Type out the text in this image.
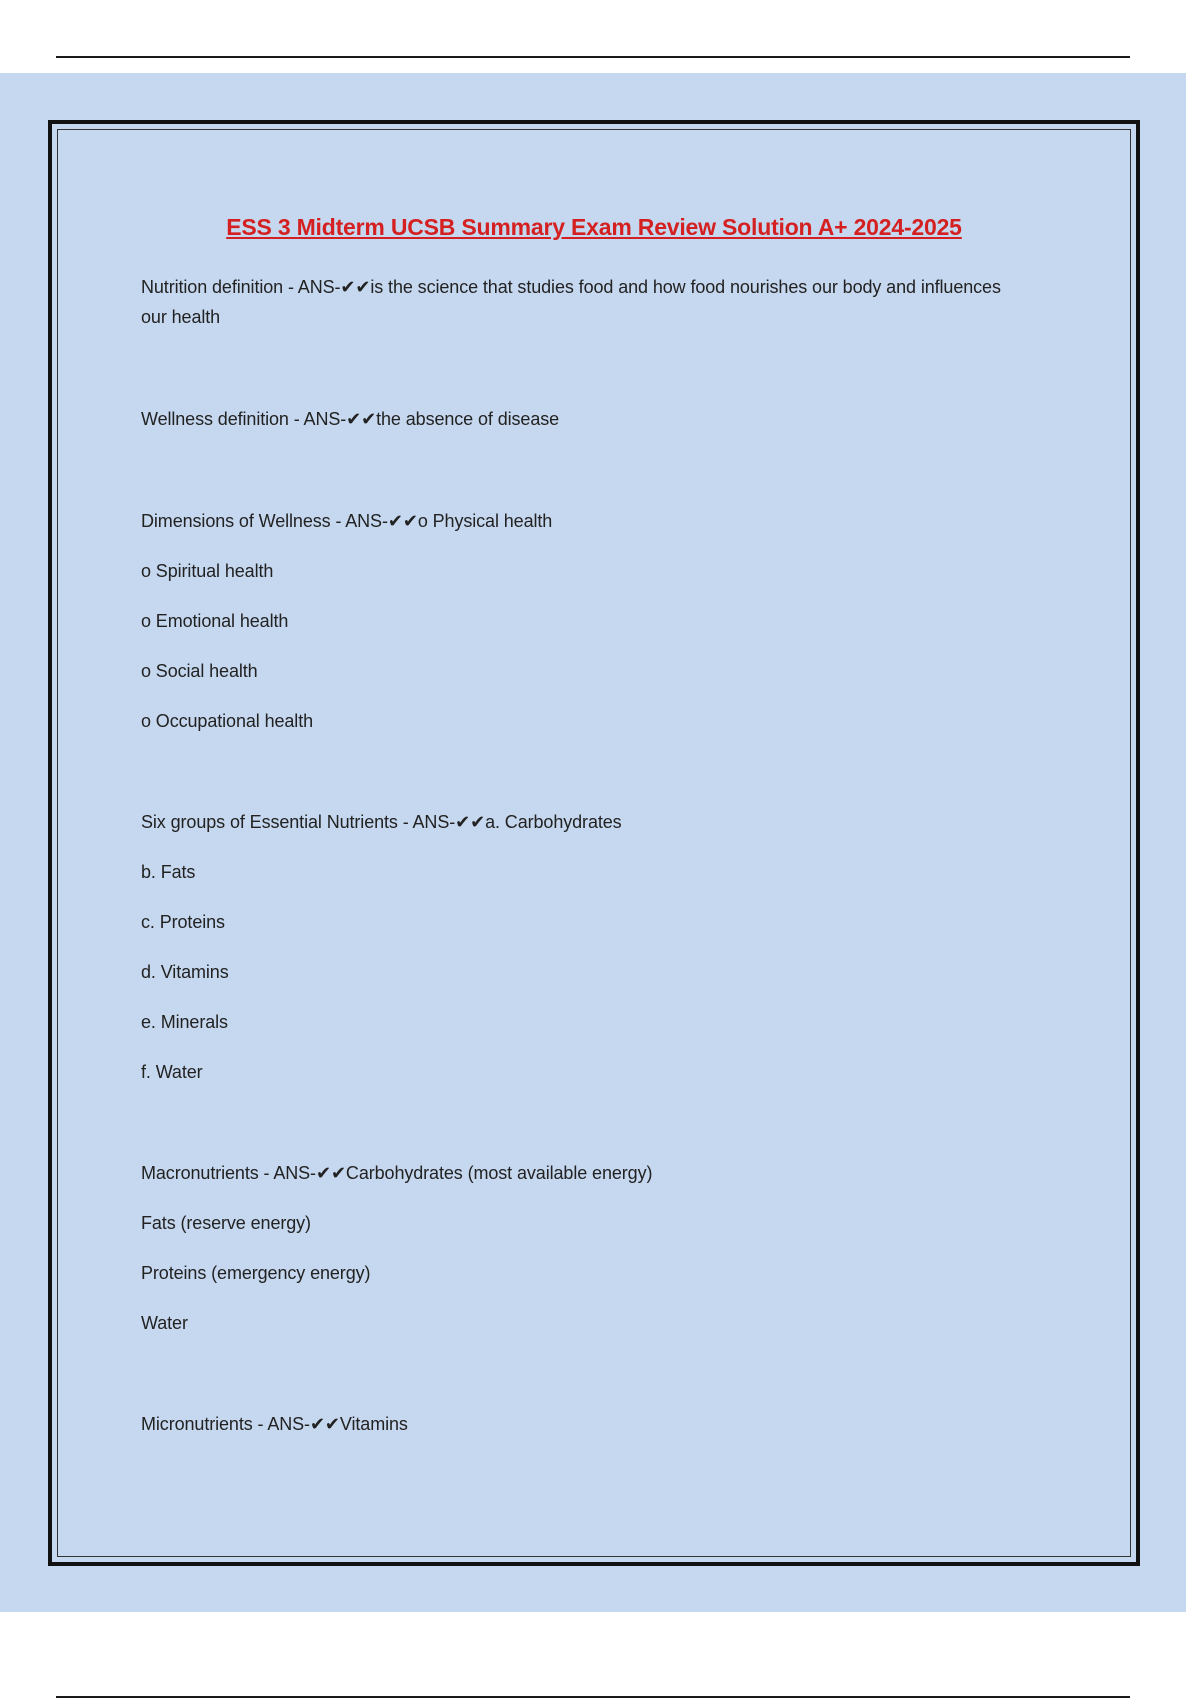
ESS 3 Midterm UCSB Summary Exam Review Solution A+ 2024-2025
Nutrition definition - ANS-✔✔is the science that studies food and how food nourishes our body and influences our health
Wellness definition - ANS-✔✔the absence of disease
Dimensions of Wellness - ANS-✔✔o Physical health
o Spiritual health
o Emotional health
o Social health
o Occupational health
Six groups of Essential Nutrients - ANS-✔✔a. Carbohydrates
b. Fats
c. Proteins
d. Vitamins
e. Minerals
f. Water
Macronutrients - ANS-✔✔Carbohydrates (most available energy)
Fats (reserve energy)
Proteins (emergency energy)
Water
Micronutrients - ANS-✔✔Vitamins
